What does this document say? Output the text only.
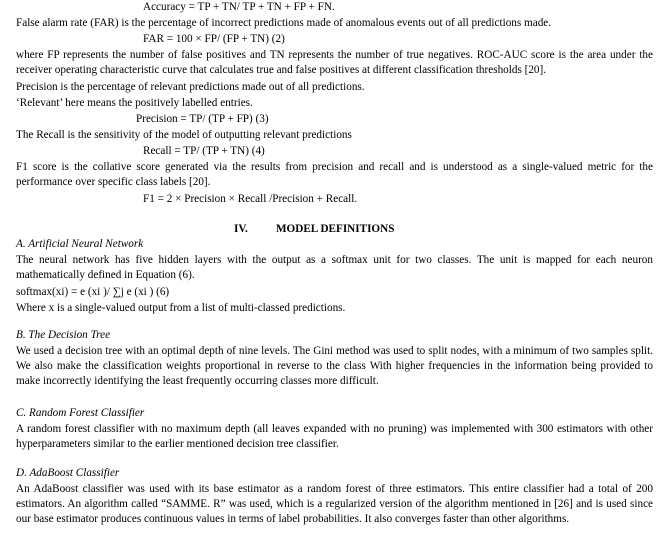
Accuracy = TP + TN/ TP + TN + FP + FN.
False alarm rate (FAR) is the percentage of incorrect predictions made of anomalous events out of all predictions made.
FAR = 100 × FP/ (FP + TN) (2)
where FP represents the number of false positives and TN represents the number of true negatives. ROC-AUC score is the area under the receiver operating characteristic curve that calculates true and false positives at different classification thresholds [20].
Precision is the percentage of relevant predictions made out of all predictions.
‘Relevant’ here means the positively labelled entries.
Precision = TP/ (TP + FP) (3)
The Recall is the sensitivity of the model of outputting relevant predictions
Recall = TP/ (TP + TN) (4)
F1 score is the collative score generated via the results from precision and recall and is understood as a single-valued metric for the performance over specific class labels [20].
F1 = 2 × Precision × Recall /Precision + Recall.
IV.	MODEL DEFINITIONS
A. Artificial Neural Network
The neural network has five hidden layers with the output as a softmax unit for two classes. The unit is mapped for each neuron mathematically defined in Equation (6).
softmax(xi) = e (xi )/ ∑j e (xi ) (6)
Where x is a single-valued output from a list of multi-classed predictions.
B. The Decision Tree
We used a decision tree with an optimal depth of nine levels. The Gini method was used to split nodes, with a minimum of two samples split. We also make the classification weights proportional in reverse to the class With higher frequencies in the information being provided to make incorrectly identifying the least frequently occurring classes more difficult.
C. Random Forest Classifier
A random forest classifier with no maximum depth (all leaves expanded with no pruning) was implemented with 300 estimators with other hyperparameters similar to the earlier mentioned decision tree classifier.
D. AdaBoost Classifier
An AdaBoost classifier was used with its base estimator as a random forest of three estimators. This entire classifier had a total of 200 estimators. An algorithm called “SAMME. R” was used, which is a regularized version of the algorithm mentioned in [26] and is used since our base estimator produces continuous values in terms of label probabilities. It also converges faster than other algorithms.
